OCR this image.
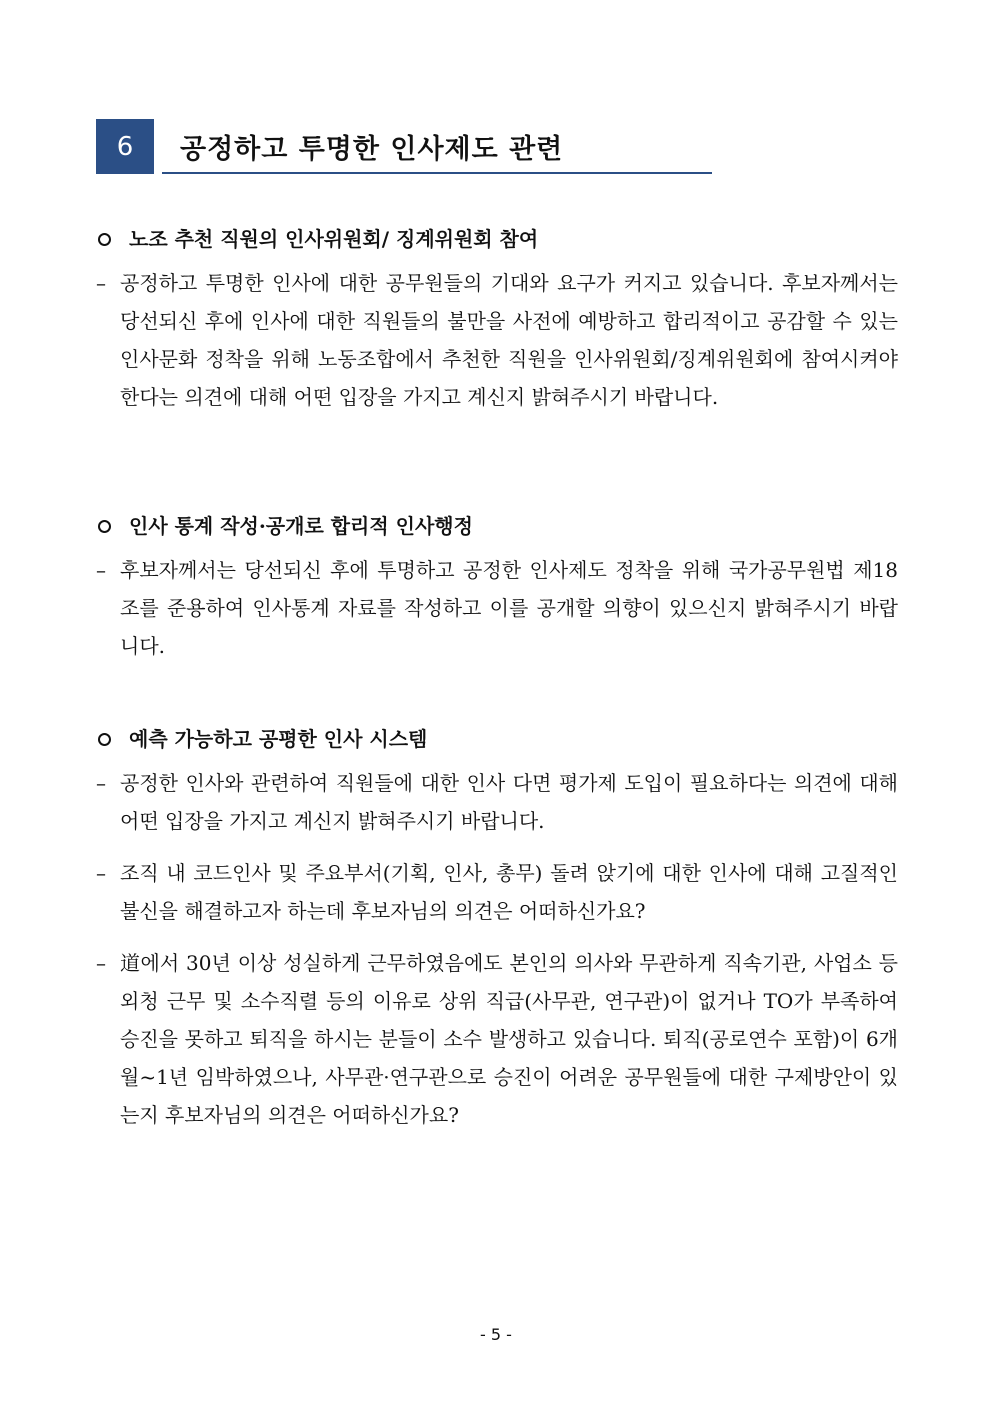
6	공정하고 투명한 인사제도 관련
노조 추천 직원의 인사위원회/ 징계위원회 참여
– 공정하고 투명한 인사에 대한 공무원들의 기대와 요구가 커지고 있습니다. 후보자께서는 당선되신 후에 인사에 대한 직원들의 불만을 사전에 예방하고 합리적이고 공감할 수 있는 인사문화 정착을 위해 노동조합에서 추천한 직원을 인사위원회/징계위원회에 참여시켜야 한다는 의견에 대해 어떤 입장을 가지고 계신지 밝혀주시기 바랍니다.
인사 통계 작성·공개로 합리적 인사행정
– 후보자께서는 당선되신 후에 투명하고 공정한 인사제도 정착을 위해 국가공무원법 제18조를 준용하여 인사통계 자료를 작성하고 이를 공개할 의향이 있으신지 밝혀주시기 바랍니다.
예측 가능하고 공평한 인사 시스템
– 공정한 인사와 관련하여 직원들에 대한 인사 다면 평가제 도입이 필요하다는 의견에 대해 어떤 입장을 가지고 계신지 밝혀주시기 바랍니다.
– 조직 내 코드인사 및 주요부서(기획, 인사, 총무) 돌려 앉기에 대한 인사에 대해 고질적인 불신을 해결하고자 하는데 후보자님의 의견은 어떠하신가요?
– 道에서 30년 이상 성실하게 근무하였음에도 본인의 의사와 무관하게 직속기관, 사업소 등 외청 근무 및 소수직렬 등의 이유로 상위 직급(사무관, 연구관)이 없거나 TO가 부족하여 승진을 못하고 퇴직을 하시는 분들이 소수 발생하고 있습니다. 퇴직(공로연수 포함)이 6개월~1년 임박하였으나, 사무관·연구관으로 승진이 어려운 공무원들에 대한 구제방안이 있는지 후보자님의 의견은 어떠하신가요?
- 5 -
